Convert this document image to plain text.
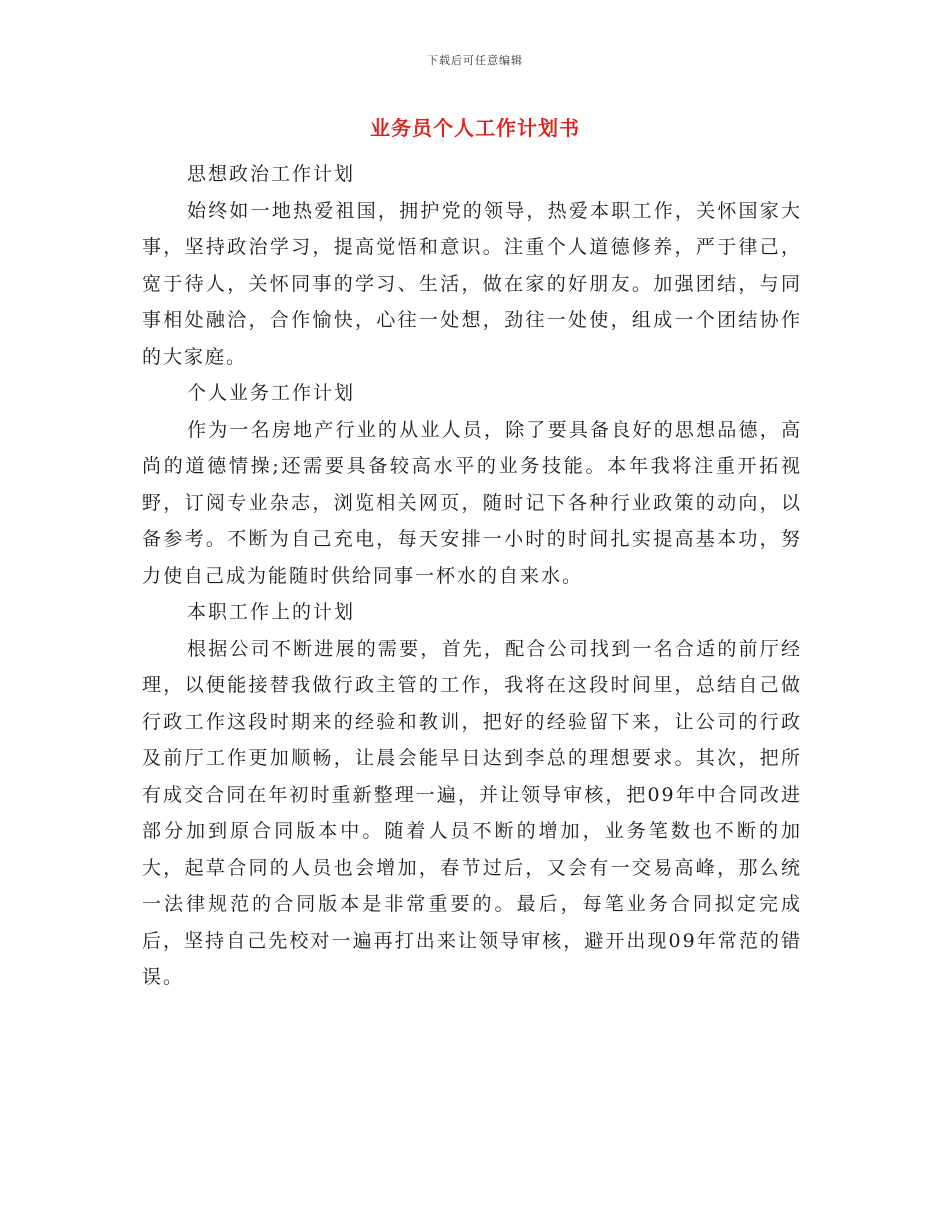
下载后可任意编辑
业务员个人工作计划书

思想政治工作计划

始终如一地热爱祖国，拥护党的领导，热爱本职工作，关怀国家大事，坚持政治学习，提高觉悟和意识。注重个人道德修养，严于律己，宽于待人，关怀同事的学习、生活，做在家的好朋友。加强团结，与同事相处融洽，合作愉快，心往一处想，劲往一处使，组成一个团结协作的大家庭。

个人业务工作计划

作为一名房地产行业的从业人员，除了要具备良好的思想品德，高尚的道德情操;还需要具备较高水平的业务技能。本年我将注重开拓视野，订阅专业杂志，浏览相关网页，随时记下各种行业政策的动向，以备参考。不断为自己充电，每天安排一小时的时间扎实提高基本功，努力使自己成为能随时供给同事一杯水的自来水。

本职工作上的计划

根据公司不断进展的需要，首先，配合公司找到一名合适的前厅经理，以便能接替我做行政主管的工作，我将在这段时间里，总结自己做行政工作这段时期来的经验和教训，把好的经验留下来，让公司的行政及前厅工作更加顺畅，让晨会能早日达到李总的理想要求。其次，把所有成交合同在年初时重新整理一遍，并让领导审核，把09年中合同改进部分加到原合同版本中。随着人员不断的增加，业务笔数也不断的加大，起草合同的人员也会增加，春节过后，又会有一交易高峰，那么统一法律规范的合同版本是非常重要的。最后，每笔业务合同拟定完成后，坚持自己先校对一遍再打出来让领导审核，避开出现09年常范的错误。
